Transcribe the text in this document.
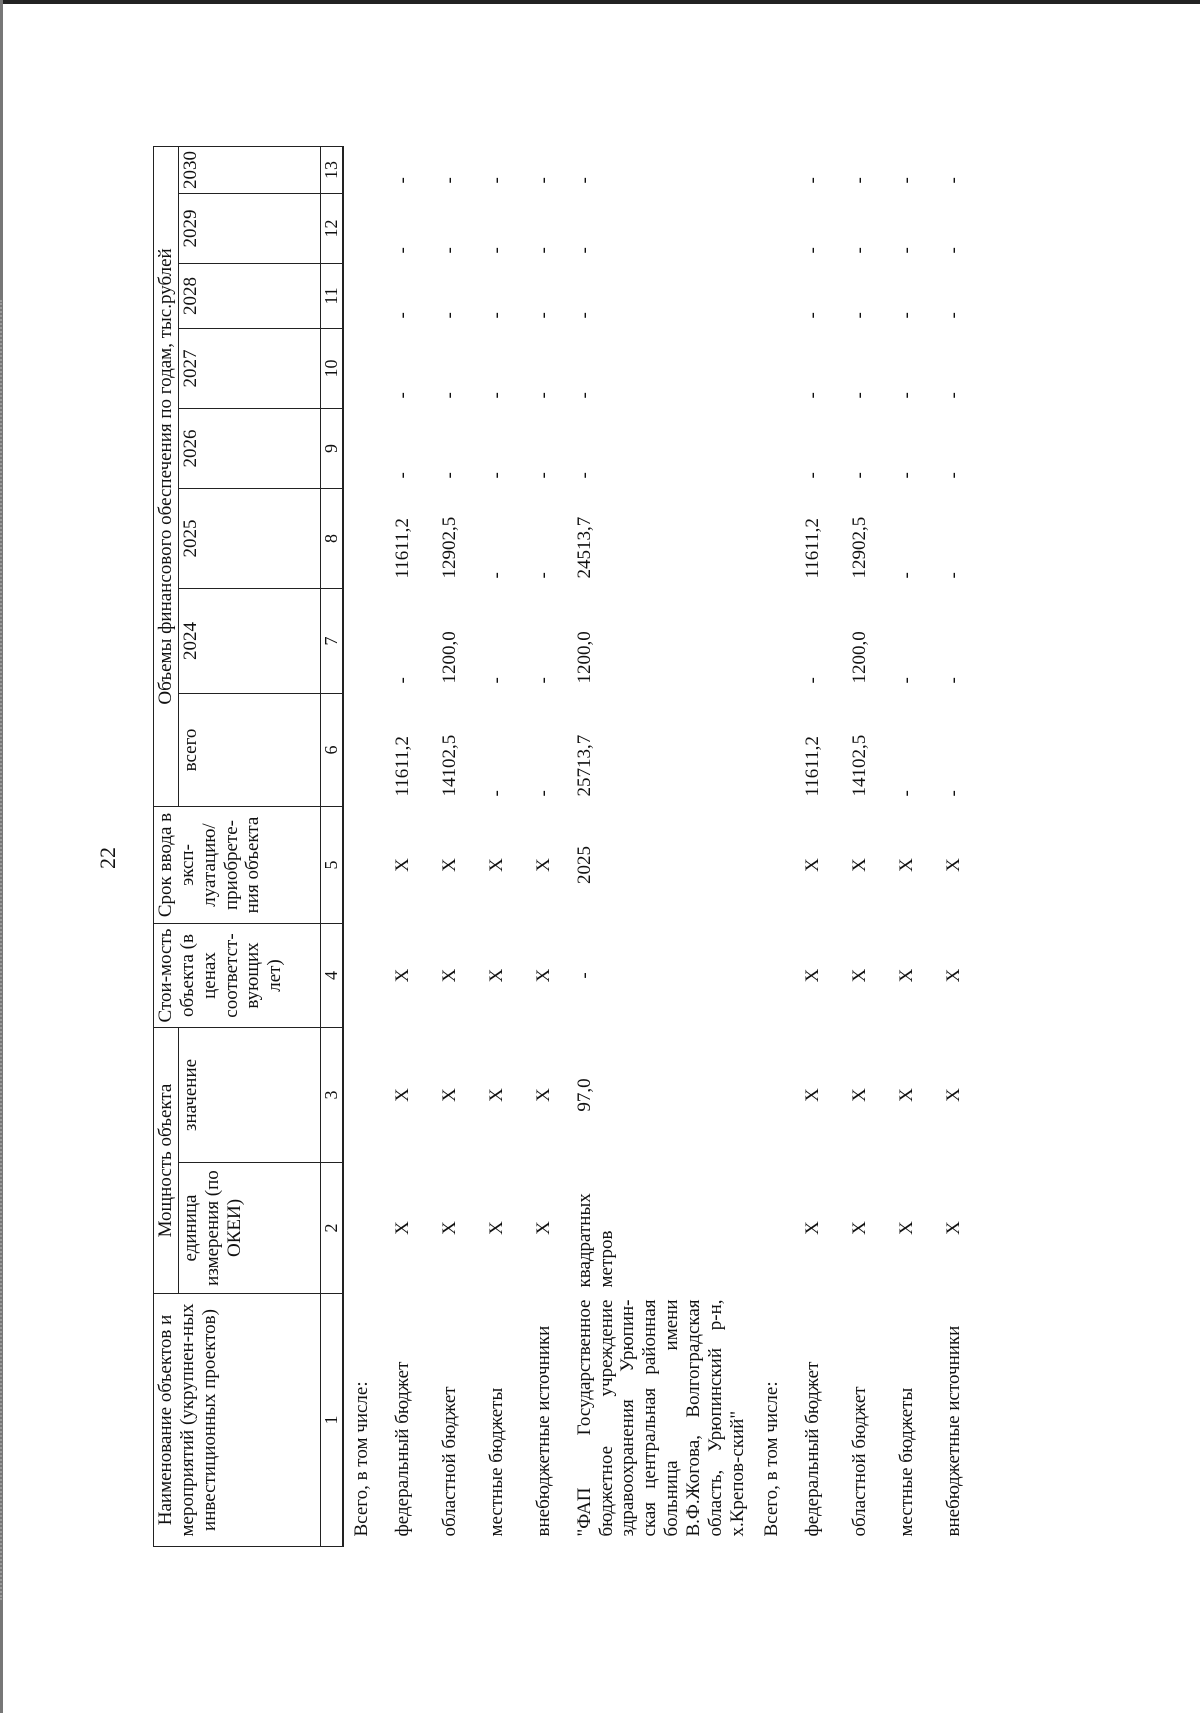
22
Наименование объектов и мероприятий (укрупнен-ных инвестиционных проектов)	Мощность объекта		Стои-мость объекта (в ценах соответст-вующих лет)	Срок ввода в эксп-луатацию/ приобрете-ния объекта	Объемы финансового обеспечения по годам, тыс.рублей							
	единица измерения (по ОКЕИ)	значение			всего	2024	2025	2026	2027	2028	2029	2030
1	2	3	4	5	6	7	8	9	10	11	12	13
Всего, в том числе:												
федеральный бюджет	X	X	X	X	11611,2	-	11611,2	-	-	-	-	-
областной бюджет	X	X	X	X	14102,5	1200,0	12902,5	-	-	-	-	-
местные бюджеты	X	X	X	X	-	-	-	-	-	-	-	-
внебюджетные источники	X	X	X	X	-	-	-	-	-	-	-	-
"ФАП Государственное бюджетное учреждение здравоохранения Урюпин-ская центральная районная больница имени В.Ф.Жогова, Волгоградская область, Урюпинский р-н, х.Крепов-ский"	квадратных метров	97,0	-	2025	25713,7	1200,0	24513,7	-	-	-	-	-
Всего, в том числе:												
федеральный бюджет	X	X	X	X	11611,2	-	11611,2	-	-	-	-	-
областной бюджет	X	X	X	X	14102,5	1200,0	12902,5	-	-	-	-	-
местные бюджеты	X	X	X	X	-	-	-	-	-	-	-	-
внебюджетные источники	X	X	X	X	-	-	-	-	-	-	-	-
